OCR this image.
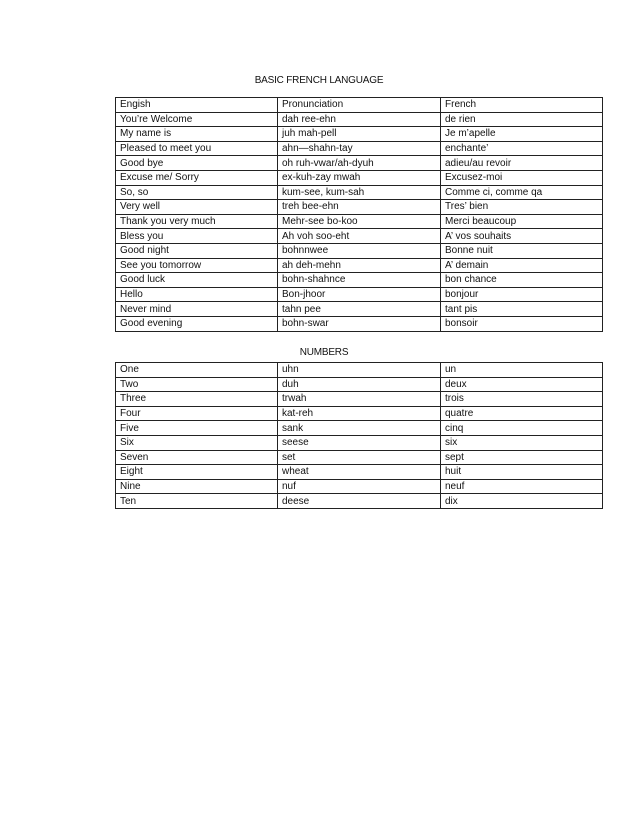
BASIC FRENCH LANGUAGE
Engish	Pronunciation	French
You’re Welcome	dah ree-ehn	de rien
My name is	juh mah-pell	Je m’apelle
Pleased to meet you	ahn—shahn-tay	enchante’
Good bye	oh ruh-vwar/ah-dyuh	adieu/au revoir
Excuse me/ Sorry	ex-kuh-zay mwah	Excusez-moi
So, so	kum-see, kum-sah	Comme ci, comme qa
Very well	treh bee-ehn	Tres’ bien
Thank you very much	Mehr-see bo-koo	Merci beaucoup
Bless you	Ah voh soo-eht	A’ vos souhaits
Good night	bohnnwee	Bonne nuit
See you tomorrow	ah deh-mehn	A’ demain
Good luck	bohn-shahnce	bon chance
Hello	Bon-jhoor	bonjour
Never mind	tahn pee	tant pis
Good evening	bohn-swar	bonsoir
NUMBERS
One	uhn	un
Two	duh	deux
Three	trwah	trois
Four	kat-reh	quatre
Five	sank	cinq
Six	seese	six
Seven	set	sept
Eight	wheat	huit
Nine	nuf	neuf
Ten	deese	dix
